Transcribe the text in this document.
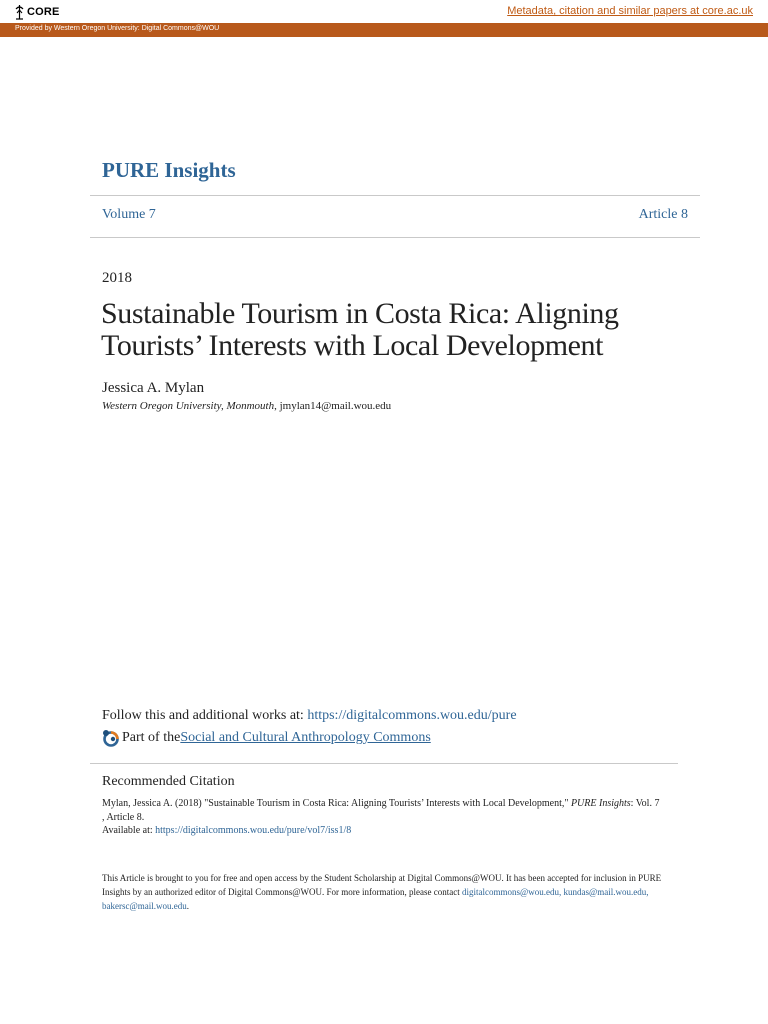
CORE	Metadata, citation and similar papers at core.ac.uk
Provided by Western Oregon University: Digital Commons@WOU
PURE Insights
Volume 7	Article 8
2018
Sustainable Tourism in Costa Rica: Aligning Tourists’ Interests with Local Development
Jessica A. Mylan
Western Oregon University, Monmouth, jmylan14@mail.wou.edu
Follow this and additional works at: https://digitalcommons.wou.edu/pure
Part of the Social and Cultural Anthropology Commons
Recommended Citation
Mylan, Jessica A. (2018) "Sustainable Tourism in Costa Rica: Aligning Tourists’ Interests with Local Development," PURE Insights: Vol. 7 , Article 8.
Available at: https://digitalcommons.wou.edu/pure/vol7/iss1/8
This Article is brought to you for free and open access by the Student Scholarship at Digital Commons@WOU. It has been accepted for inclusion in PURE Insights by an authorized editor of Digital Commons@WOU. For more information, please contact digitalcommons@wou.edu, kundas@mail.wou.edu, bakersc@mail.wou.edu.
